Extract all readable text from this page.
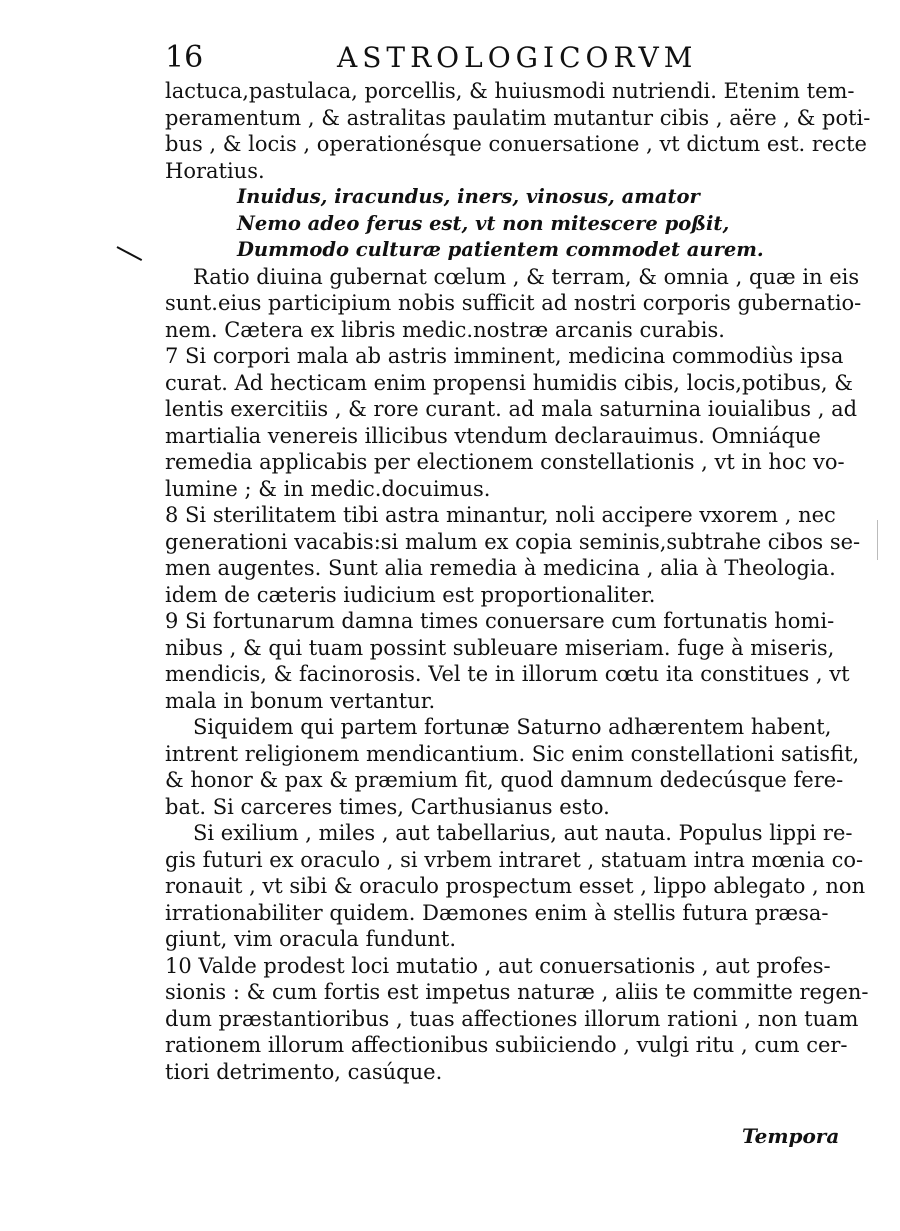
16	ASTROLOGICORVM
lactuca,pastulaca, porcellis, & huiusmodi nutriendi. Etenim tem-
peramentum , & astralitas paulatim mutantur cibis , aëre , & poti-
bus , & locis , operationésque conuersatione , vt dictum est. recte
Horatius.
Inuidus, iracundus, iners, vinosus, amator
Nemo adeo ferus est, vt non mitescere poßit,
Dummodo culturæ patientem commodet aurem.
Ratio diuina gubernat cœlum , & terram, & omnia , quæ in eis
sunt.eius participium nobis sufficit ad nostri corporis gubernatio-
nem. Cætera ex libris medic.nostræ arcanis curabis.
7 Si corpori mala ab astris imminent, medicina commodiùs ipsa
curat. Ad hecticam enim propensi humidis cibis, locis,potibus, &
lentis exercitiis , & rore curant. ad mala saturnina iouialibus , ad
martialia venereis illicibus vtendum declarauimus. Omniáque
remedia applicabis per electionem constellationis , vt in hoc vo-
lumine ; & in medic.docuimus.
8 Si sterilitatem tibi astra minantur, noli accipere vxorem , nec
generationi vacabis:si malum ex copia seminis,subtrahe cibos se-
men augentes. Sunt alia remedia à medicina , alia à Theologia.
idem de cæteris iudicium est proportionaliter.
9 Si fortunarum damna times conuersare cum fortunatis homi-
nibus , & qui tuam possint subleuare miseriam. fuge à miseris,
mendicis, & facinorosis. Vel te in illorum cœtu ita constitues , vt
mala in bonum vertantur.
Siquidem qui partem fortunæ Saturno adhærentem habent,
intrent religionem mendicantium. Sic enim constellationi satisfit,
& honor & pax & præmium fit, quod damnum dedecúsque fere-
bat. Si carceres times, Carthusianus esto.
Si exilium , miles , aut tabellarius, aut nauta. Populus lippi re-
gis futuri ex oraculo , si vrbem intraret , statuam intra mœnia co-
ronauit , vt sibi & oraculo prospectum esset , lippo ablegato , non
irrationabiliter quidem. Dæmones enim à stellis futura præsa-
giunt, vim oracula fundunt.
10 Valde prodest loci mutatio , aut conuersationis , aut profes-
sionis : & cum fortis est impetus naturæ , aliis te committe regen-
dum præstantioribus , tuas affectiones illorum rationi , non tuam
rationem illorum affectionibus subiiciendo , vulgi ritu , cum cer-
tiori detrimento, casúque.
Tempora
